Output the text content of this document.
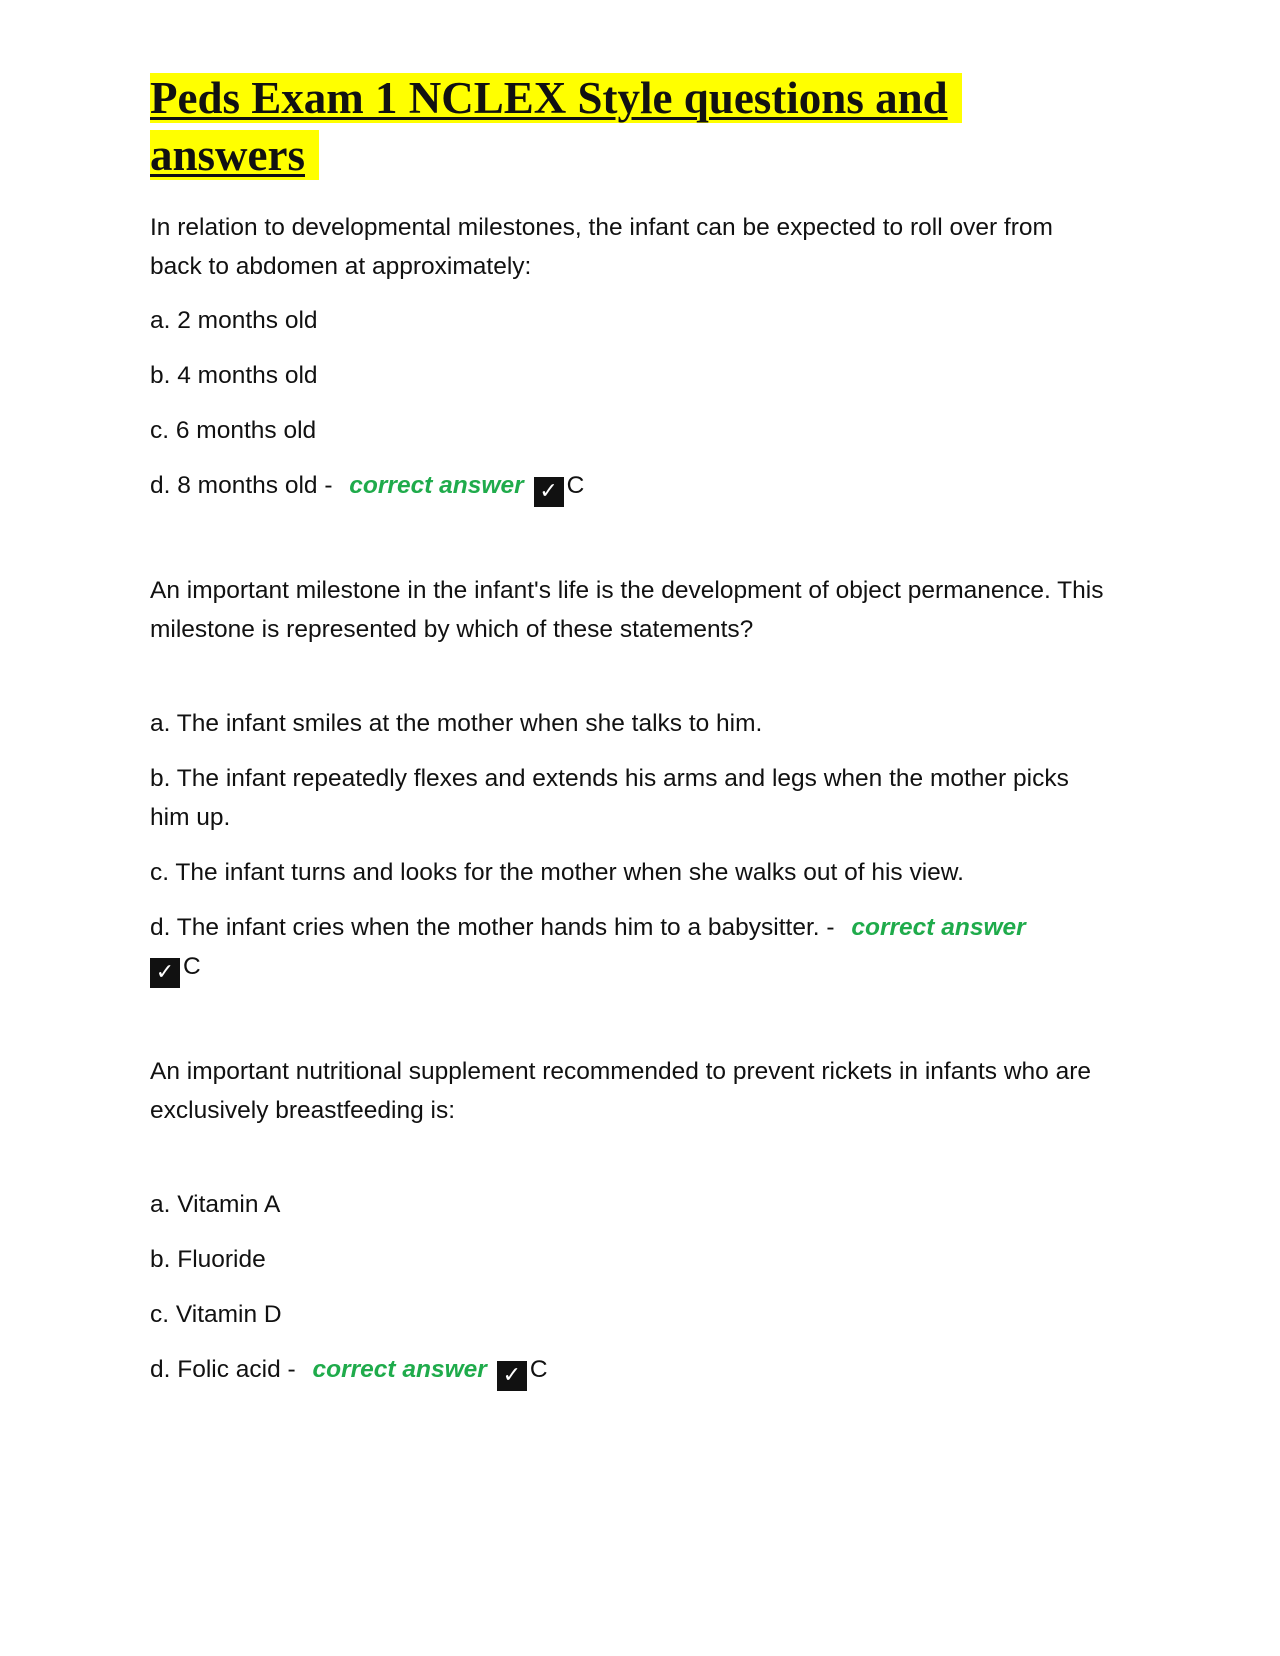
Peds Exam 1 NCLEX Style questions and
answers

In relation to developmental milestones, the infant can be expected to roll over from back to abdomen at approximately:

a. 2 months old

b. 4 months old

c. 6 months old

d. 8 months old - correct answer ✓ C

An important milestone in the infant's life is the development of object permanence. This milestone is represented by which of these statements?

a. The infant smiles at the mother when she talks to him.

b. The infant repeatedly flexes and extends his arms and legs when the mother picks him up.

c. The infant turns and looks for the mother when she walks out of his view.

d. The infant cries when the mother hands him to a babysitter. - correct answer
✓ C

An important nutritional supplement recommended to prevent rickets in infants who are exclusively breastfeeding is:

a. Vitamin A

b. Fluoride

c. Vitamin D

d. Folic acid - correct answer ✓ C
